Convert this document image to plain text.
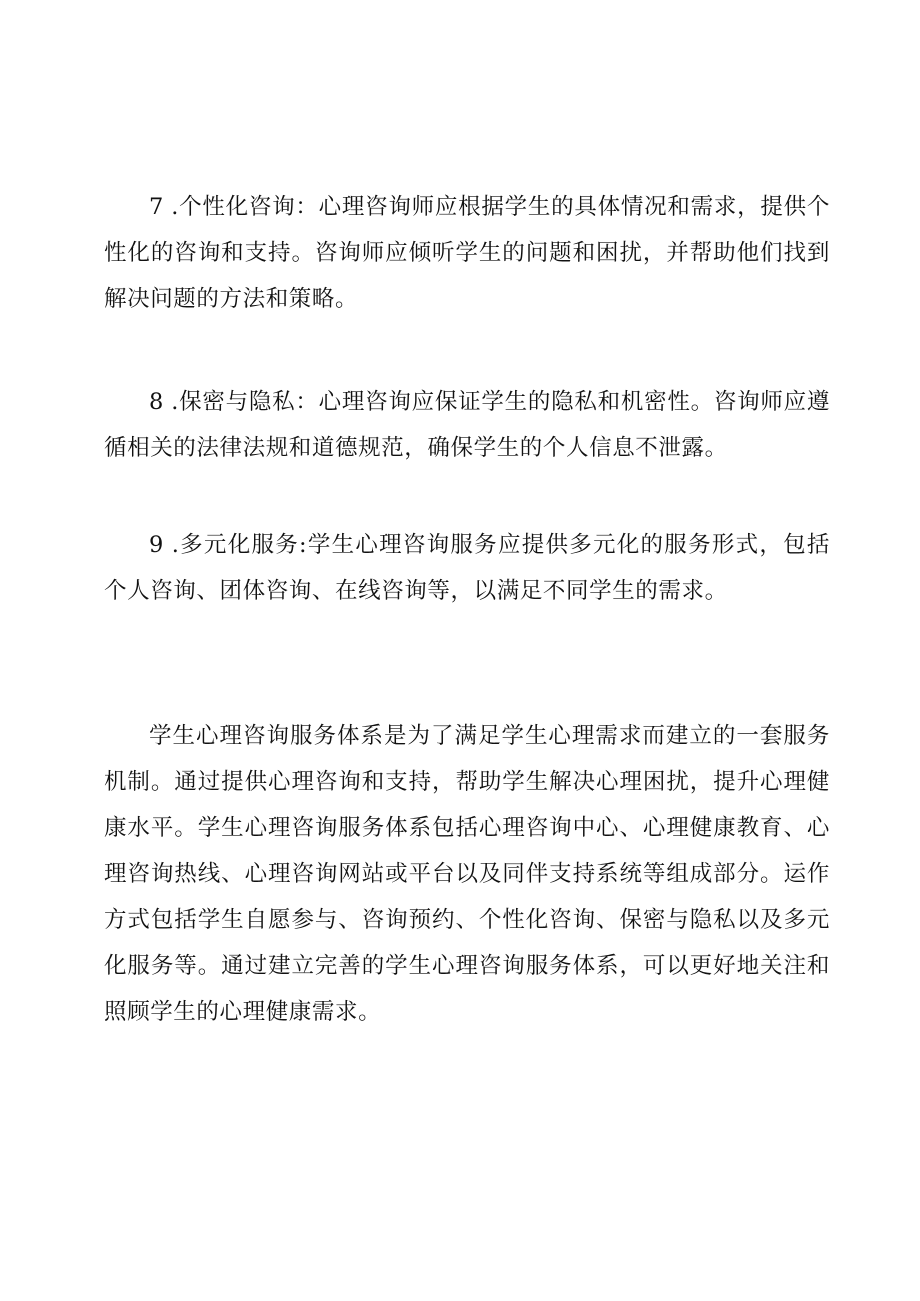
7 .个性化咨询：心理咨询师应根据学生的具体情况和需求，提供个性化的咨询和支持。咨询师应倾听学生的问题和困扰，并帮助他们找到解决问题的方法和策略。

8 .保密与隐私：心理咨询应保证学生的隐私和机密性。咨询师应遵循相关的法律法规和道德规范，确保学生的个人信息不泄露。

9 .多元化服务:学生心理咨询服务应提供多元化的服务形式，包括个人咨询、团体咨询、在线咨询等，以满足不同学生的需求。

学生心理咨询服务体系是为了满足学生心理需求而建立的一套服务机制。通过提供心理咨询和支持，帮助学生解决心理困扰，提升心理健康水平。学生心理咨询服务体系包括心理咨询中心、心理健康教育、心理咨询热线、心理咨询网站或平台以及同伴支持系统等组成部分。运作方式包括学生自愿参与、咨询预约、个性化咨询、保密与隐私以及多元化服务等。通过建立完善的学生心理咨询服务体系，可以更好地关注和照顾学生的心理健康需求。
